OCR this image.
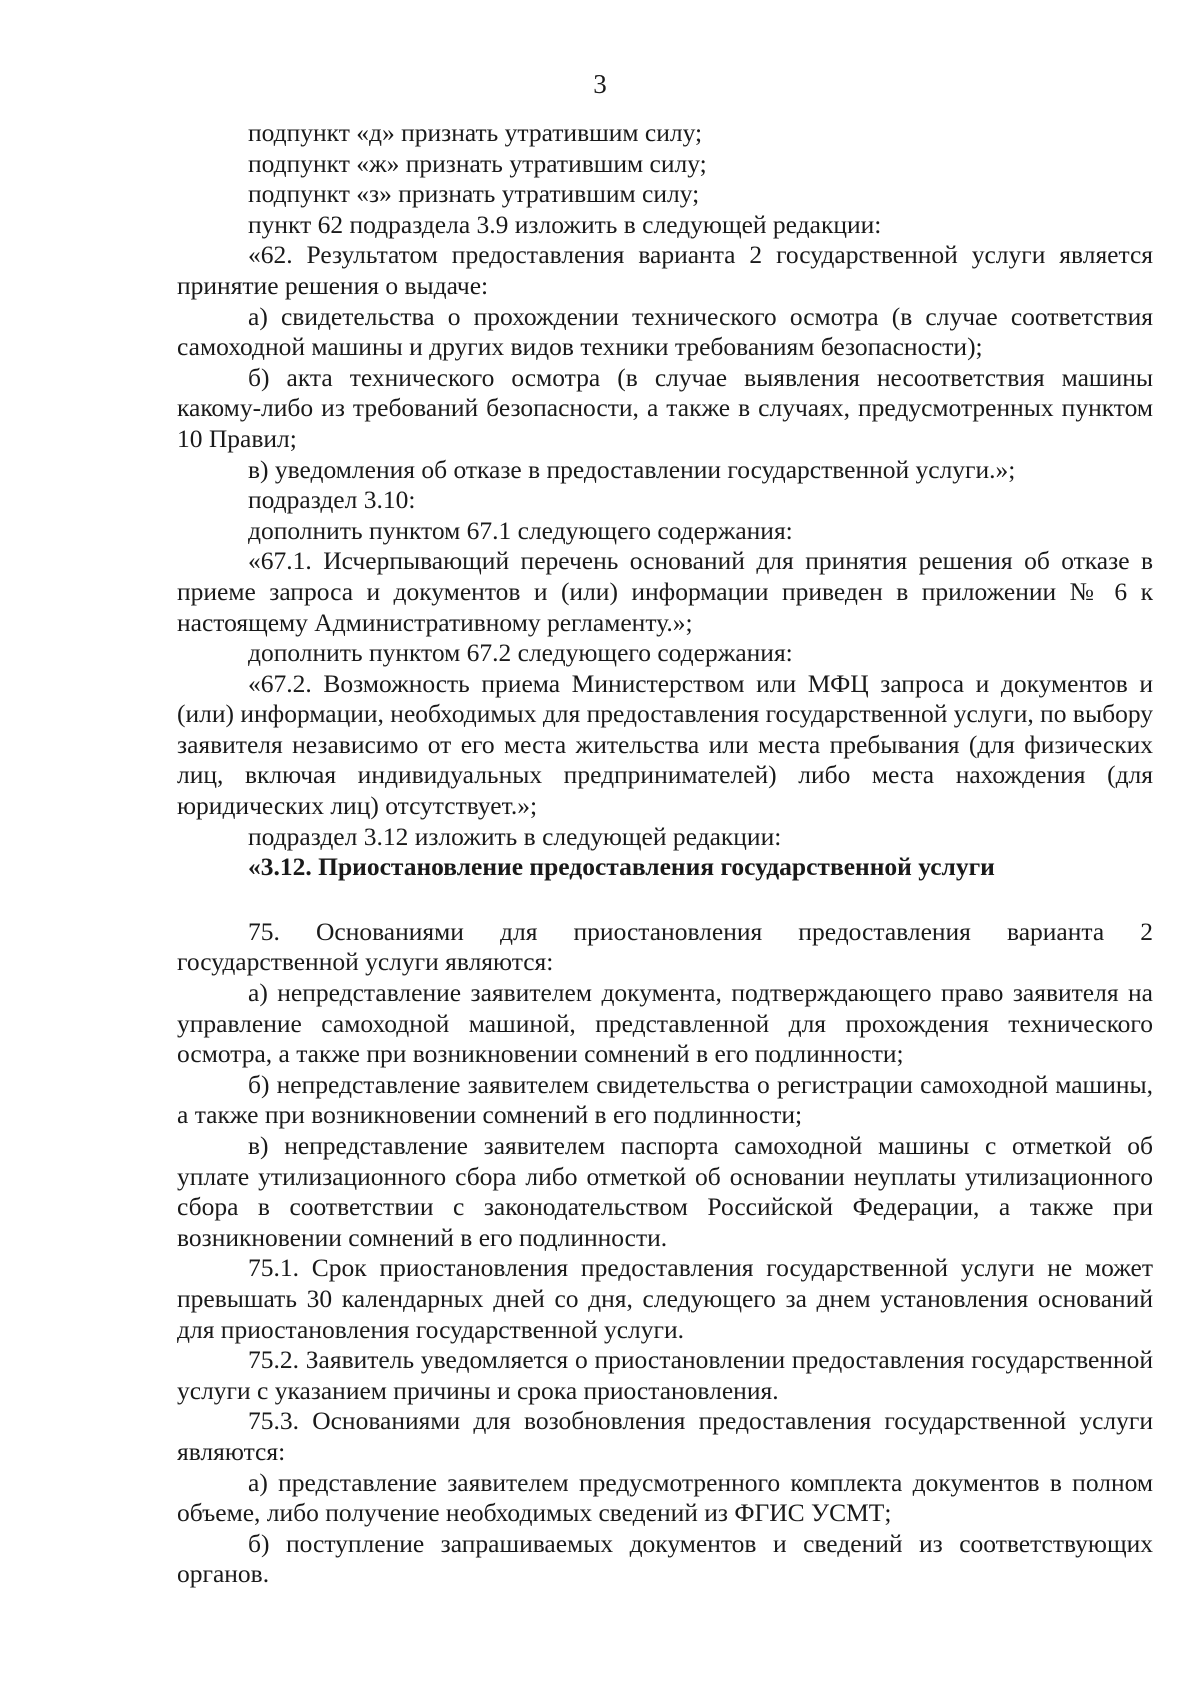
3

подпункт «д» признать утратившим силу;

подпункт «ж» признать утратившим силу;

подпункт «з» признать утратившим силу;

пункт 62 подраздела 3.9 изложить в следующей редакции:

«62. Результатом предоставления варианта 2 государственной услуги является принятие решения о выдаче:

а) свидетельства о прохождении технического осмотра (в случае соответствия самоходной машины и других видов техники требованиям безопасности);

б) акта технического осмотра (в случае выявления несоответствия машины какому-либо из требований безопасности, а также в случаях, предусмотренных пунктом 10 Правил;

в) уведомления об отказе в предоставлении государственной услуги.»;

подраздел 3.10:

дополнить пунктом 67.1 следующего содержания:

«67.1. Исчерпывающий перечень оснований для принятия решения об отказе в приеме запроса и документов и (или) информации приведен в приложении № 6 к настоящему Административному регламенту.»;

дополнить пунктом 67.2 следующего содержания:

«67.2. Возможность приема Министерством или МФЦ запроса и документов и (или) информации, необходимых для предоставления государственной услуги, по выбору заявителя независимо от его места жительства или места пребывания (для физических лиц, включая индивидуальных предпринимателей) либо места нахождения (для юридических лиц) отсутствует.»;

подраздел 3.12 изложить в следующей редакции:

«3.12. Приостановление предоставления государственной услуги

75. Основаниями для приостановления предоставления варианта 2 государственной услуги являются:

а) непредставление заявителем документа, подтверждающего право заявителя на управление самоходной машиной, представленной для прохождения технического осмотра, а также при возникновении сомнений в его подлинности;

б) непредставление заявителем свидетельства о регистрации самоходной машины, а также при возникновении сомнений в его подлинности;

в) непредставление заявителем паспорта самоходной машины с отметкой об уплате утилизационного сбора либо отметкой об основании неуплаты утилизационного сбора в соответствии с законодательством Российской Федерации, а также при возникновении сомнений в его подлинности.

75.1. Срок приостановления предоставления государственной услуги не может превышать 30 календарных дней со дня, следующего за днем установления оснований для приостановления государственной услуги.

75.2. Заявитель уведомляется о приостановлении предоставления государственной услуги с указанием причины и срока приостановления.

75.3. Основаниями для возобновления предоставления государственной услуги являются:

а) представление заявителем предусмотренного комплекта документов в полном объеме, либо получение необходимых сведений из ФГИС УСМТ;

б) поступление запрашиваемых документов и сведений из соответствующих органов.
